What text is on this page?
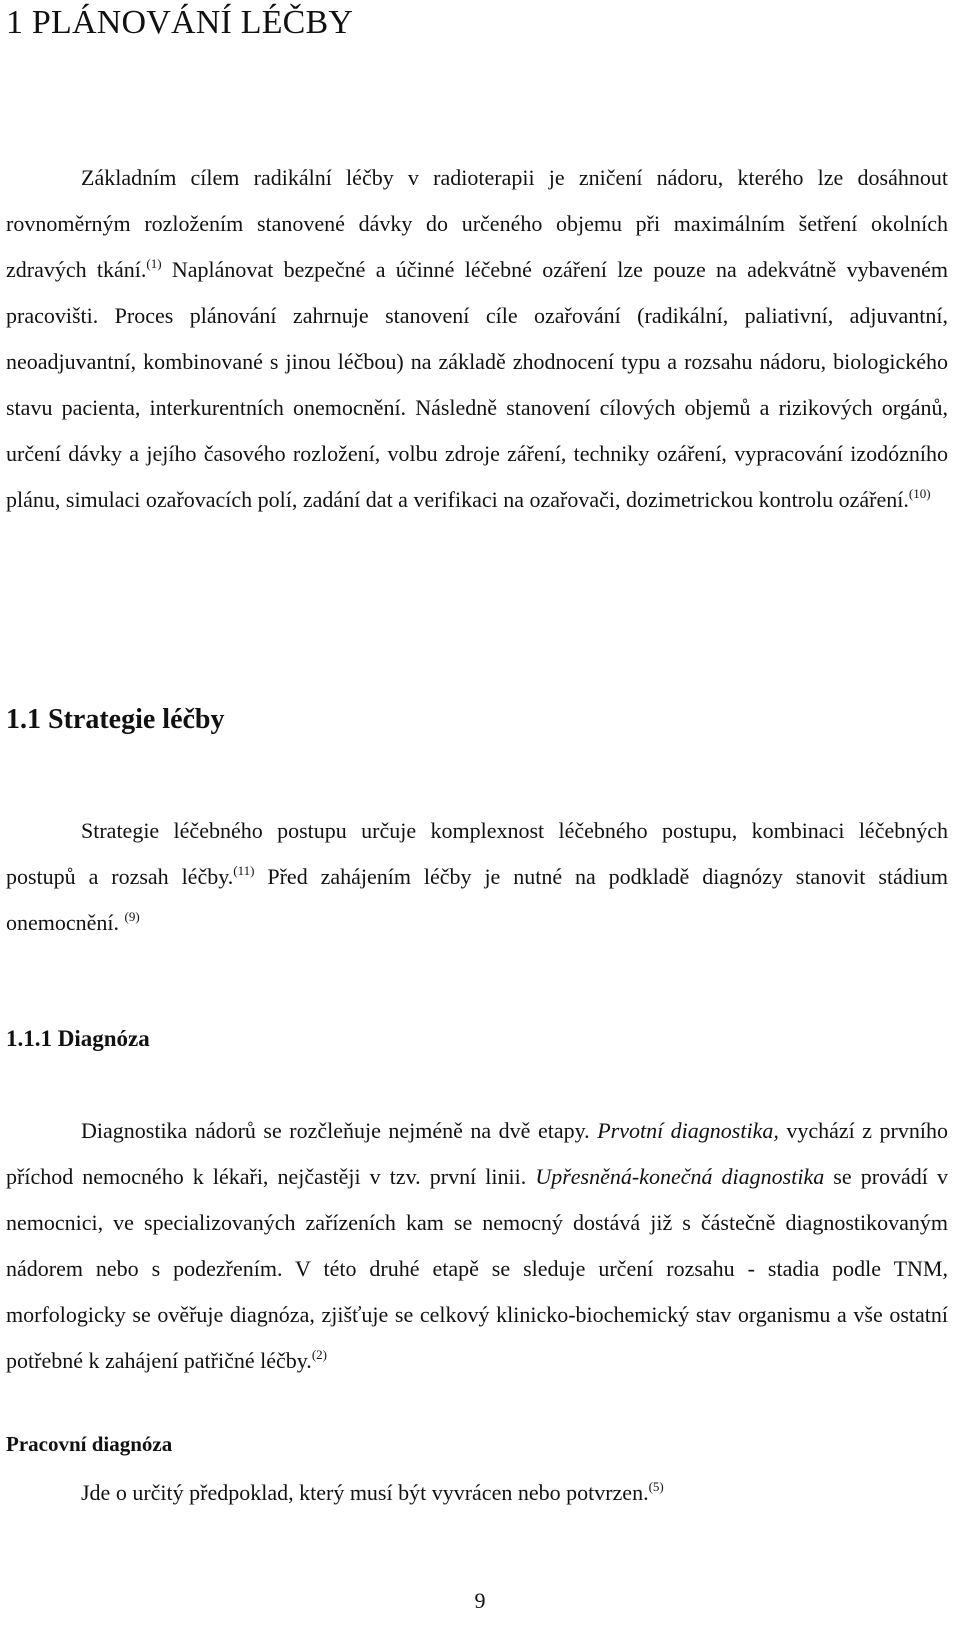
1 PLÁNOVÁNÍ LÉČBY

Základním cílem radikální léčby v radioterapii je zničení nádoru, kterého lze dosáhnout rovnoměrným rozložením stanovené dávky do určeného objemu při maximálním šetření okolních zdravých tkání.$^{(1)}$ Naplánovat bezpečné a účinné léčebné ozáření lze pouze na adekvátně vybaveném pracovišti. Proces plánování zahrnuje stanovení cíle ozařování (radikální, paliativní, adjuvantní, neoadjuvantní, kombinované s jinou léčbou) na základě zhodnocení typu a rozsahu nádoru, biologického stavu pacienta, interkurentních onemocnění. Následně stanovení cílových objemů a rizikových orgánů, určení dávky a jejího časového rozložení, volbu zdroje záření, techniky ozáření, vypracování izodózního plánu, simulaci ozařovacích polí, zadání dat a verifikaci na ozařovači, dozimetrickou kontrolu ozáření.$^{(10)}$

1.1 Strategie léčby

Strategie léčebného postupu určuje komplexnost léčebného postupu, kombinaci léčebných postupů a rozsah léčby.$^{(11)}$ Před zahájením léčby je nutné na podkladě diagnózy stanovit stádium onemocnění. $^{(9)}$

1.1.1 Diagnóza

Diagnostika nádorů se rozčleňuje nejméně na dvě etapy. Prvotní diagnostika, vychází z prvního příchod nemocného k lékaři, nejčastěji v tzv. první linii. Upřesněná-konečná diagnostika se provádí v nemocnici, ve specializovaných zařízeních kam se nemocný dostává již s částečně diagnostikovaným nádorem nebo s podezřením. V této druhé etapě se sleduje určení rozsahu - stadia podle TNM, morfologicky se ověřuje diagnóza, zjišťuje se celkový klinicko-biochemický stav organismu a vše ostatní potřebné k zahájení patřičné léčby.$^{(2)}$

Pracovní diagnóza

Jde o určitý předpoklad, který musí být vyvrácen nebo potvrzen.$^{(5)}$

9
